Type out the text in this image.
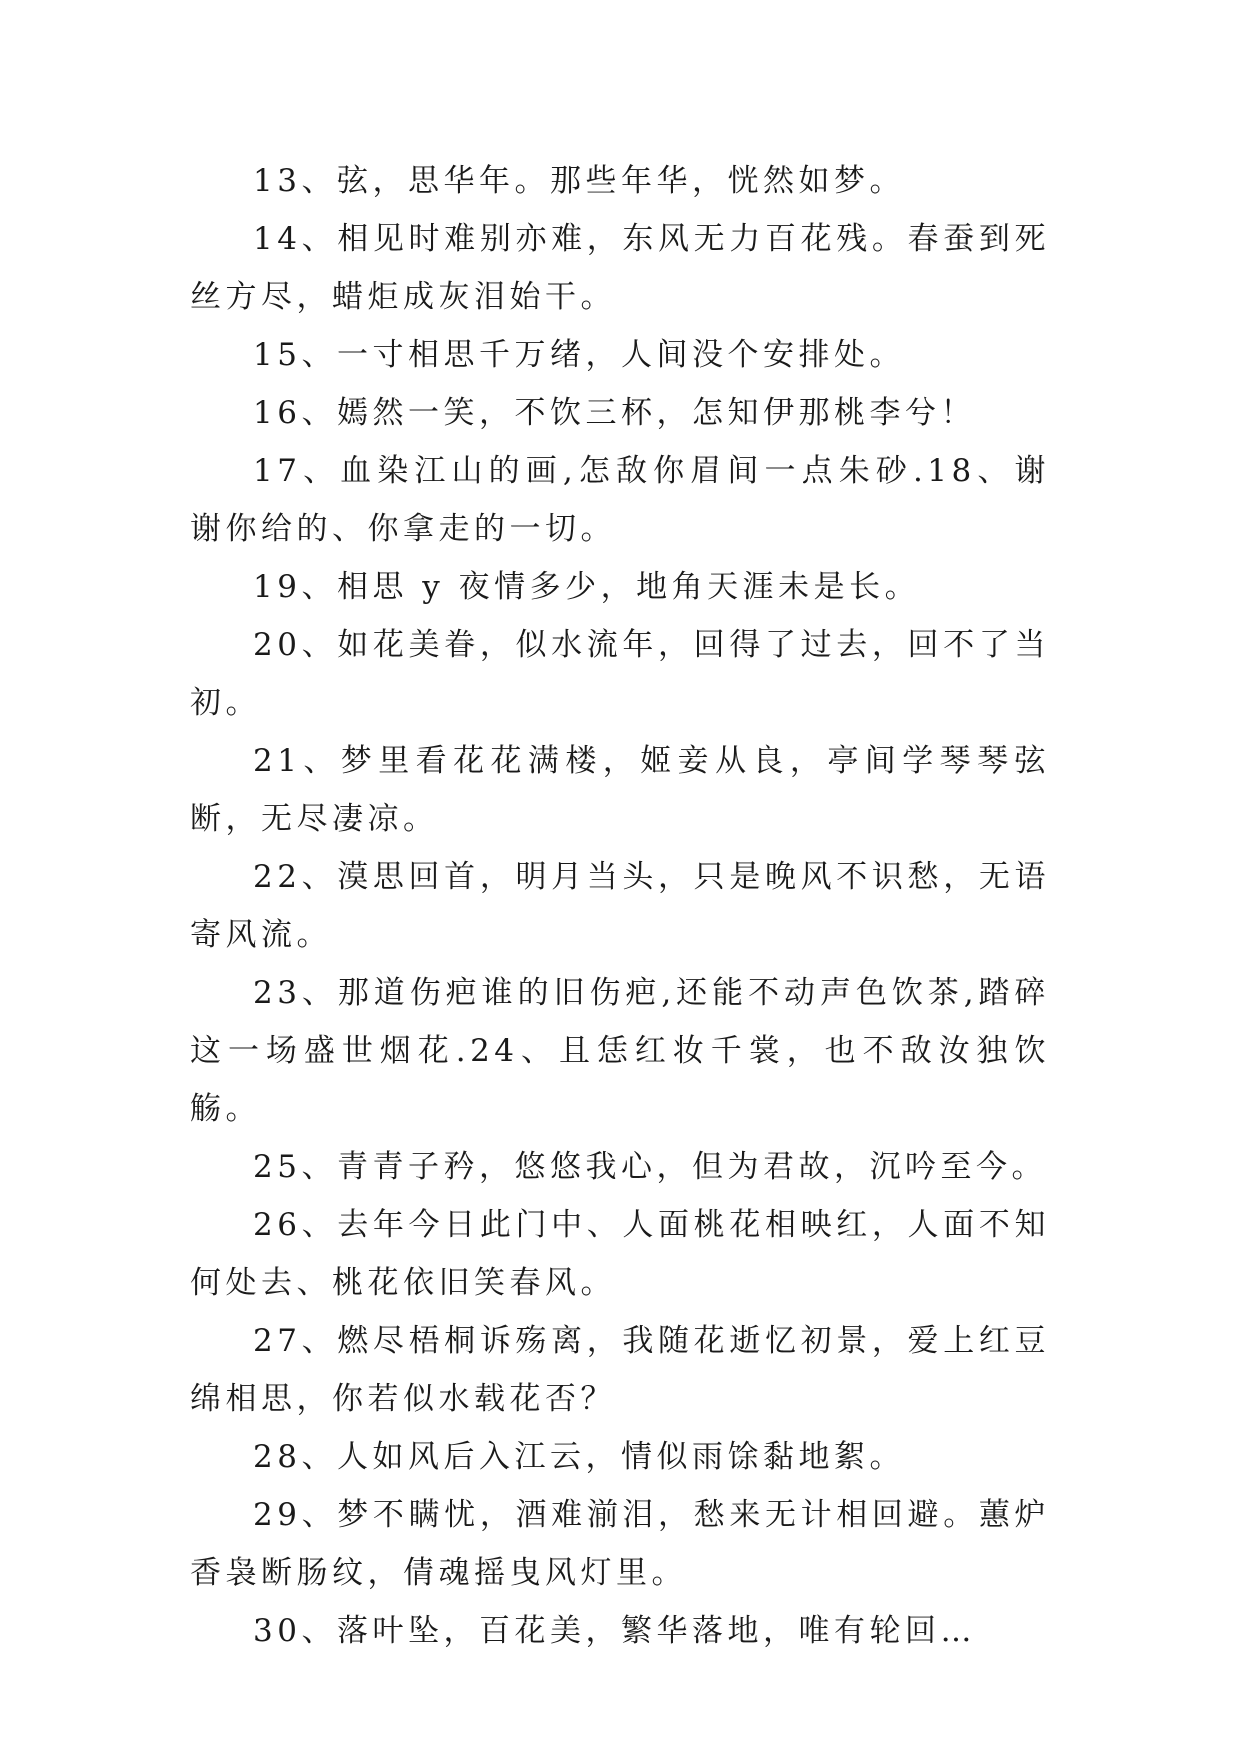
13、弦，思华年。那些年华，恍然如梦。

14、相见时难别亦难，东风无力百花残。春蚕到死丝方尽，蜡炬成灰泪始干。

15、一寸相思千万绪，人间没个安排处。

16、嫣然一笑，不饮三杯，怎知伊那桃李兮！

17、血染江山的画,怎敌你眉间一点朱砂.18、谢谢你给的、你拿走的一切。

19、相思 y 夜情多少，地角天涯未是长。

20、如花美眷，似水流年，回得了过去，回不了当初。

21、梦里看花花满楼，姬妾从良，亭间学琴琴弦断，无尽凄凉。

22、漠思回首，明月当头，只是晚风不识愁，无语寄风流。

23、那道伤疤谁的旧伤疤,还能不动声色饮茶,踏碎这一场盛世烟花.24、且恁红妆千裳，也不敌汝独饮觞。

25、青青子矜，悠悠我心，但为君故，沉吟至今。

26、去年今日此门中、人面桃花相映红，人面不知何处去、桃花依旧笑春风。

27、燃尽梧桐诉殇离，我随花逝忆初景，爱上红豆绵相思，你若似水载花否？

28、人如风后入江云，情似雨馀黏地絮。

29、梦不瞒忧，酒难湔泪，愁来无计相回避。蕙炉香袅断肠纹，倩魂摇曳风灯里。

30、落叶坠，百花美，繁华落地，唯有轮回…
